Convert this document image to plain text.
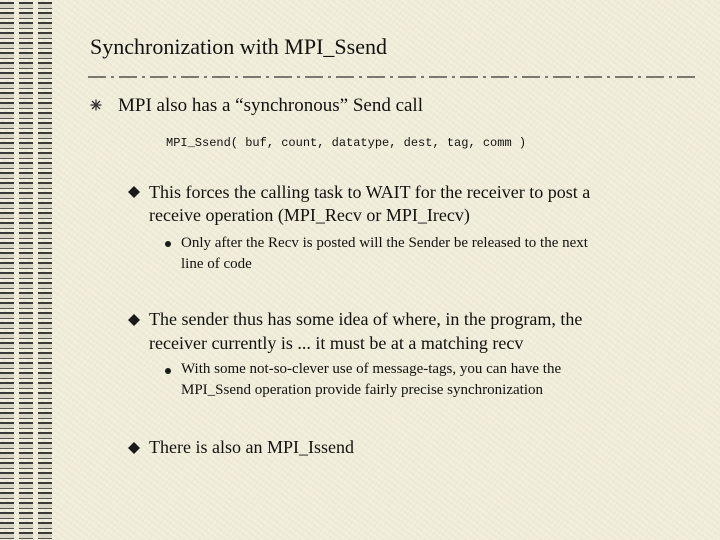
Synchronization with MPI_Ssend
MPI also has a “synchronous” Send call
MPI_Ssend( buf, count, datatype, dest, tag, comm )
This forces the calling task to WAIT for the receiver to post a
receive operation (MPI_Recv or MPI_Irecv)
Only after the Recv is posted will the Sender be released to the next
line of code
The sender thus has some idea of where, in the program, the
receiver currently is ... it must be at a matching recv
With some not-so-clever use of message-tags, you can have the
MPI_Ssend operation provide fairly precise synchronization
There is also an MPI_Issend
